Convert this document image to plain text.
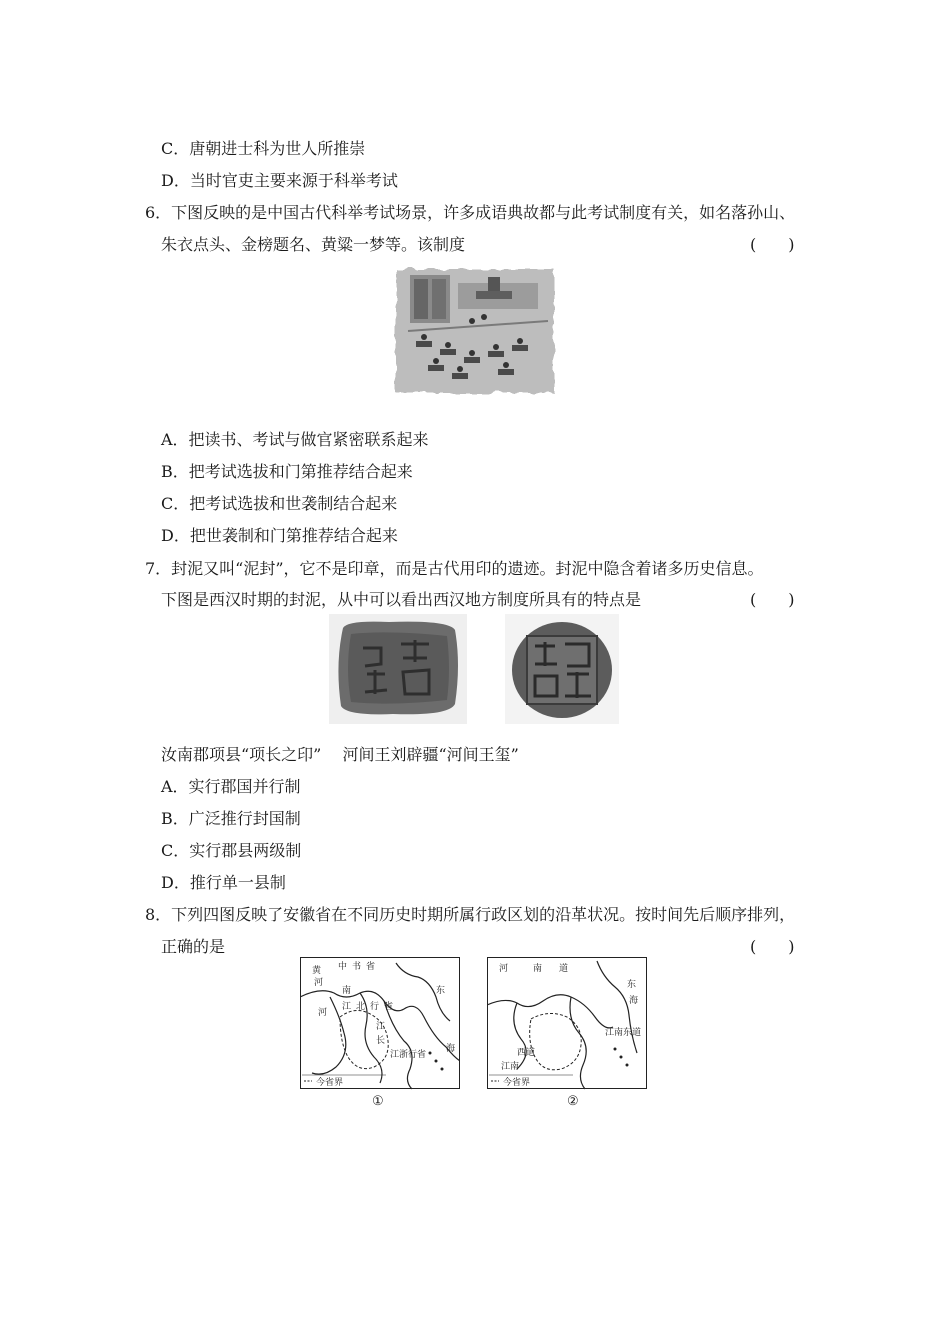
C．唐朝进士科为世人所推崇
D．当时官吏主要来源于科举考试
6．下图反映的是中国古代科举考试场景，许多成语典故都与此考试制度有关，如名落孙山、
朱衣点头、金榜题名、黄粱一梦等。该制度	(　　)
A．把读书、考试与做官紧密联系起来
B．把考试选拔和门第推荐结合起来
C．把考试选拔和世袭制结合起来
D．把世袭制和门第推荐结合起来
7．封泥又叫“泥封”，它不是印章，而是古代用印的遗迹。封泥中隐含着诸多历史信息。
下图是西汉时期的封泥，从中可以看出西汉地方制度所具有的特点是	(　　)
汝南郡项县“项长之印”　 河间王刘辟疆“河间王玺”
A．实行郡国并行制
B．广泛推行封国制
C．实行郡县两级制
D．推行单一县制
8．下列四图反映了安徽省在不同历史时期所属行政区划的沿革状况。按时间先后顺序排列，
正确的是	(　　)
中 书 省
黄
河
南
江 北 行 省
河
江
长
江浙行省
东
海
今省界
①
河	南 道
东
海
江南东道
西道
江南
今省界
②
